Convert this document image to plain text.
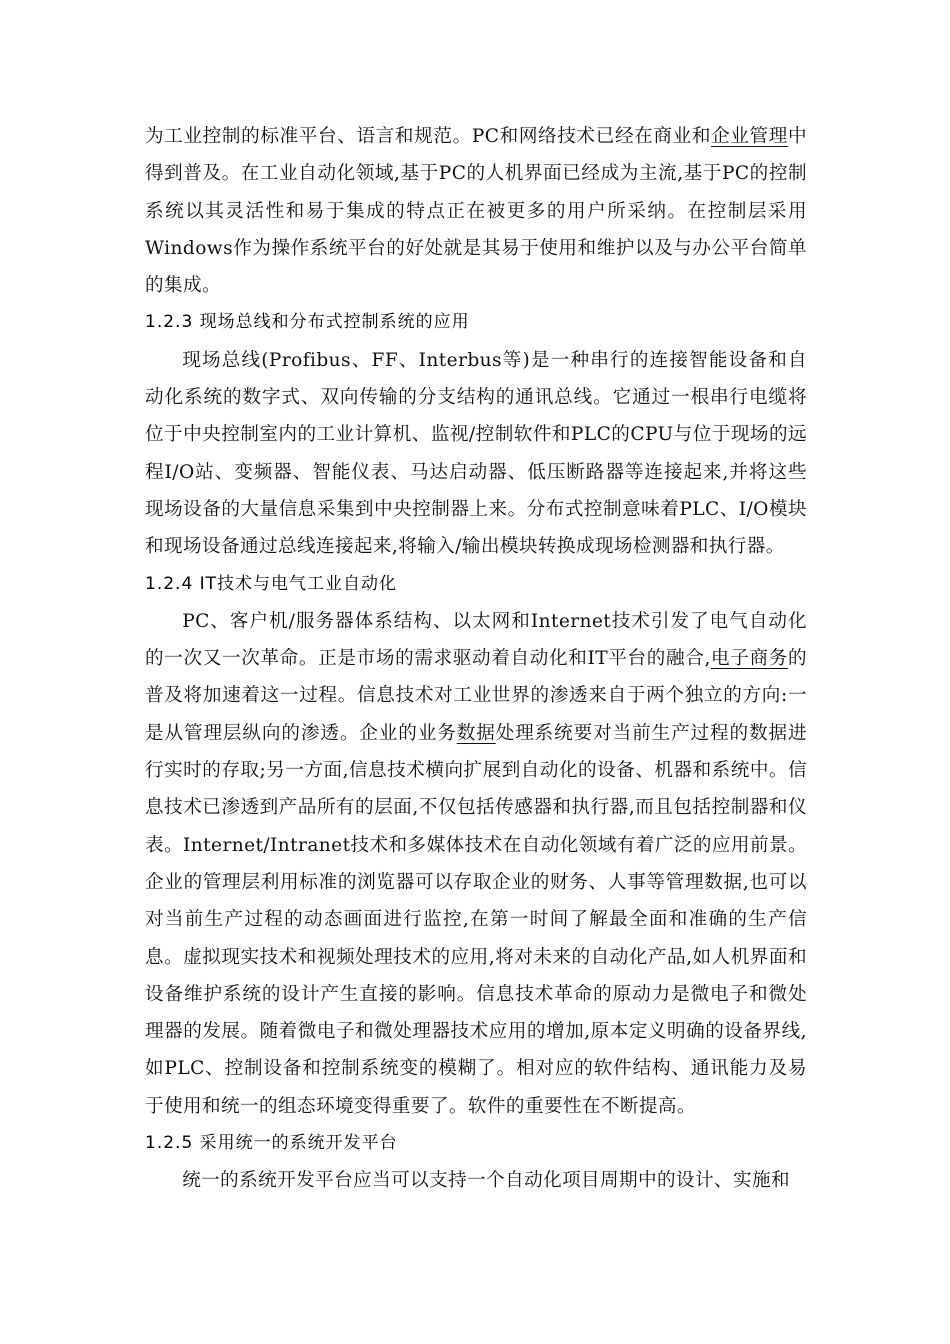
为工业控制的标准平台、语言和规范。PC和网络技术已经在商业和企业管理中得到普及。在工业自动化领域,基于PC的人机界面已经成为主流,基于PC的控制系统以其灵活性和易于集成的特点正在被更多的用户所采纳。在控制层采用Windows作为操作系统平台的好处就是其易于使用和维护以及与办公平台简单的集成。

1.2.3 现场总线和分布式控制系统的应用

现场总线(Profibus、FF、Interbus等)是一种串行的连接智能设备和自动化系统的数字式、双向传输的分支结构的通讯总线。它通过一根串行电缆将位于中央控制室内的工业计算机、监视/控制软件和PLC的CPU与位于现场的远程I/O站、变频器、智能仪表、马达启动器、低压断路器等连接起来,并将这些现场设备的大量信息采集到中央控制器上来。分布式控制意味着PLC、I/O模块和现场设备通过总线连接起来,将输入/输出模块转换成现场检测器和执行器。

1.2.4 IT技术与电气工业自动化

PC、客户机/服务器体系结构、以太网和Internet技术引发了电气自动化的一次又一次革命。正是市场的需求驱动着自动化和IT平台的融合,电子商务的普及将加速着这一过程。信息技术对工业世界的渗透来自于两个独立的方向:一是从管理层纵向的渗透。企业的业务数据处理系统要对当前生产过程的数据进行实时的存取;另一方面,信息技术横向扩展到自动化的设备、机器和系统中。信息技术已渗透到产品所有的层面,不仅包括传感器和执行器,而且包括控制器和仪表。Internet/Intranet技术和多媒体技术在自动化领域有着广泛的应用前景。企业的管理层利用标准的浏览器可以存取企业的财务、人事等管理数据,也可以对当前生产过程的动态画面进行监控,在第一时间了解最全面和准确的生产信息。虚拟现实技术和视频处理技术的应用,将对未来的自动化产品,如人机界面和设备维护系统的设计产生直接的影响。信息技术革命的原动力是微电子和微处理器的发展。随着微电子和微处理器技术应用的增加,原本定义明确的设备界线,如PLC、控制设备和控制系统变的模糊了。相对应的软件结构、通讯能力及易于使用和统一的组态环境变得重要了。软件的重要性在不断提高。

1.2.5 采用统一的系统开发平台

统一的系统开发平台应当可以支持一个自动化项目周期中的设计、实施和
